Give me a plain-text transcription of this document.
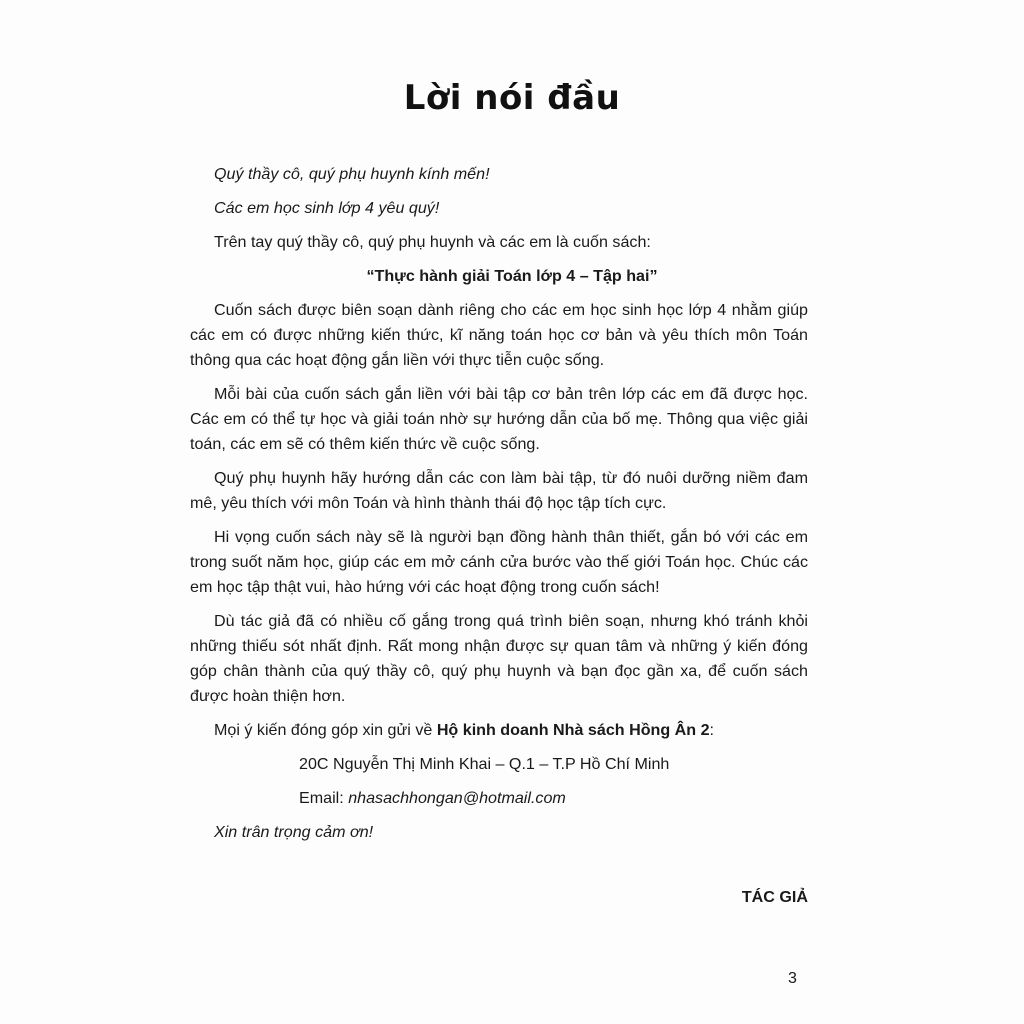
Lời nói đầu

Quý thầy cô, quý phụ huynh kính mến!

Các em học sinh lớp 4 yêu quý!

Trên tay quý thầy cô, quý phụ huynh và các em là cuốn sách:

“Thực hành giải Toán lớp 4 – Tập hai”

Cuốn sách được biên soạn dành riêng cho các em học sinh học lớp 4 nhằm giúp các em có được những kiến thức, kĩ năng toán học cơ bản và yêu thích môn Toán thông qua các hoạt động gắn liền với thực tiễn cuộc sống.

Mỗi bài của cuốn sách gắn liền với bài tập cơ bản trên lớp các em đã được học. Các em có thể tự học và giải toán nhờ sự hướng dẫn của bố mẹ. Thông qua việc giải toán, các em sẽ có thêm kiến thức về cuộc sống.

Quý phụ huynh hãy hướng dẫn các con làm bài tập, từ đó nuôi dưỡng niềm đam mê, yêu thích với môn Toán và hình thành thái độ học tập tích cực.

Hi vọng cuốn sách này sẽ là người bạn đồng hành thân thiết, gắn bó với các em trong suốt năm học, giúp các em mở cánh cửa bước vào thế giới Toán học. Chúc các em học tập thật vui, hào hứng với các hoạt động trong cuốn sách!

Dù tác giả đã có nhiều cố gắng trong quá trình biên soạn, nhưng khó tránh khỏi những thiếu sót nhất định. Rất mong nhận được sự quan tâm và những ý kiến đóng góp chân thành của quý thầy cô, quý phụ huynh và bạn đọc gần xa, để cuốn sách được hoàn thiện hơn.

Mọi ý kiến đóng góp xin gửi về Hộ kinh doanh Nhà sách Hồng Ân 2:

20C Nguyễn Thị Minh Khai – Q.1 – T.P Hồ Chí Minh

Email: nhasachhongan@hotmail.com

Xin trân trọng cảm ơn!

TÁC GIẢ

3
